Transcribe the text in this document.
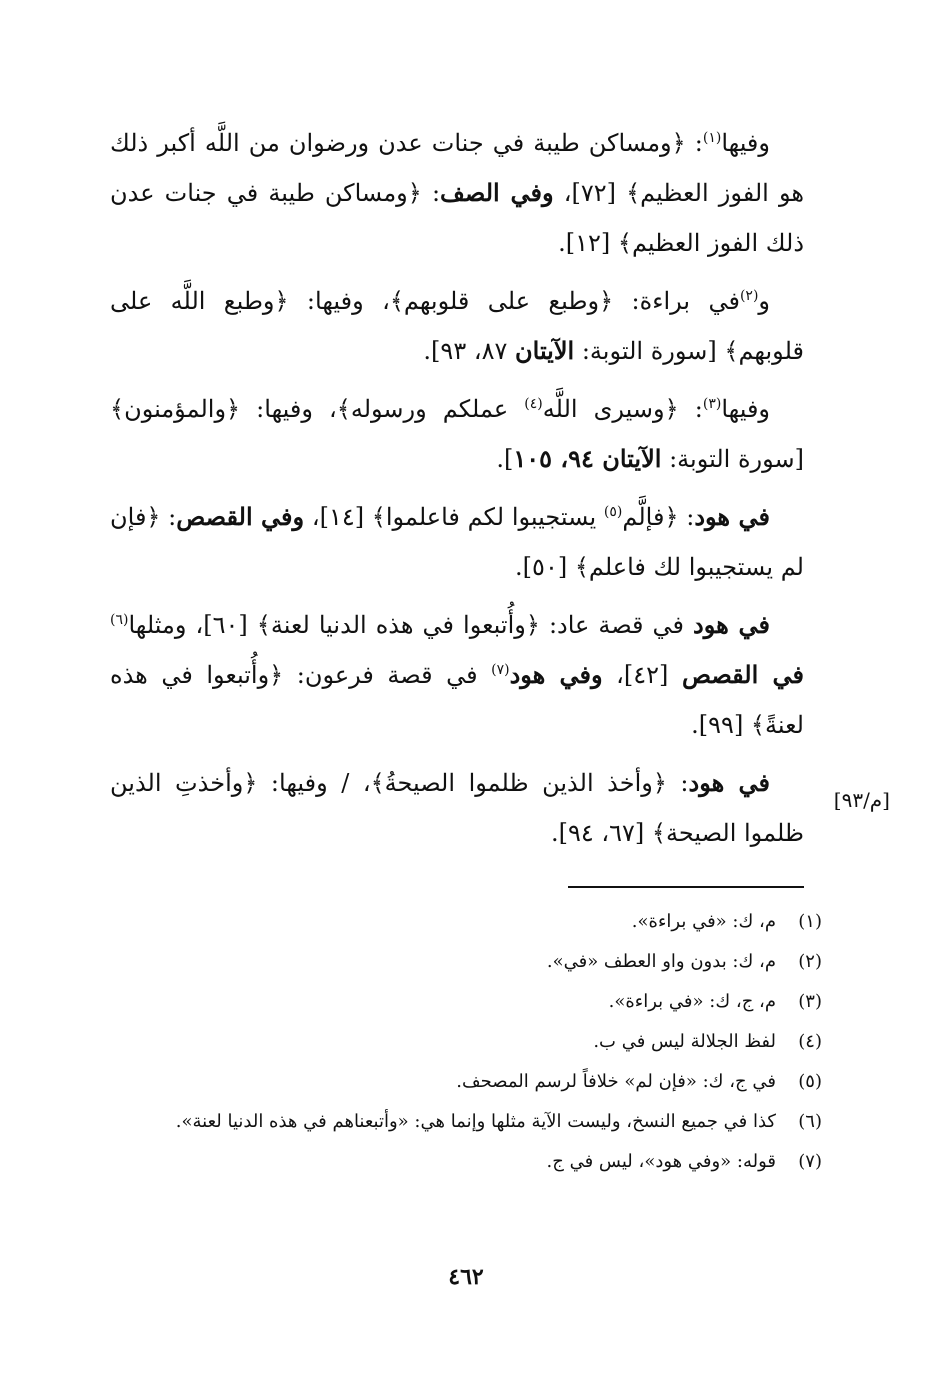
وفيها$^{(١)}$: ﴿ومساكن طيبة في جنات عدن ورضوان من اللَّه أكبر ذلك هو الفوز العظيم﴾ [٧٢]، وفي الصف: ﴿ومساكن طيبة في جنات عدن ذلك الفوز العظيم﴾ [١٢].

و$^{(٢)}$في براءة: ﴿وطبع على قلوبهم﴾، وفيها: ﴿وطبع اللَّه على قلوبهم﴾ [سورة التوبة: الآيتان ٨٧، ٩٣].

وفيها$^{(٣)}$: ﴿وسيرى اللَّه$^{(٤)}$ عملكم ورسوله﴾، وفيها: ﴿والمؤمنون﴾ [سورة التوبة: الآيتان ٩٤، ١٠٥].

في هود: ﴿فإلَّم$^{(٥)}$ يستجيبوا لكم فاعلموا﴾ [١٤]، وفي القصص: ﴿فإن لم يستجيبوا لك فاعلم﴾ [٥٠].

في هود في قصة عاد: ﴿وأُتبعوا في هذه الدنيا لعنة﴾ [٦٠]، ومثلها$^{(٦)}$ في القصص [٤٢]، وفي هود$^{(٧)}$ في قصة فرعون: ﴿وأُتبعوا في هذه لعنةً﴾ [٩٩].

في هود: ﴿وأخذ الذين ظلموا الصيحةُ﴾، / وفيها: ﴿وأخذتِ الذين ظلموا الصيحة﴾ [٦٧، ٩٤].

[م/٩٣]
(١)
م، ك: «في براءة».
(٢)
م، ك: بدون واو العطف «في».
(٣)
م، ج، ك: «في براءة».
(٤)
لفظ الجلالة ليس في ب.
(٥)
في ج، ك: «فإن لم» خلافاً لرسم المصحف.
(٦)
كذا في جميع النسخ، وليست الآية مثلها وإنما هي: «وأتبعناهم في هذه الدنيا لعنة».
(٧)
قوله: «وفي هود»، ليس في ج.
٤٦٢
